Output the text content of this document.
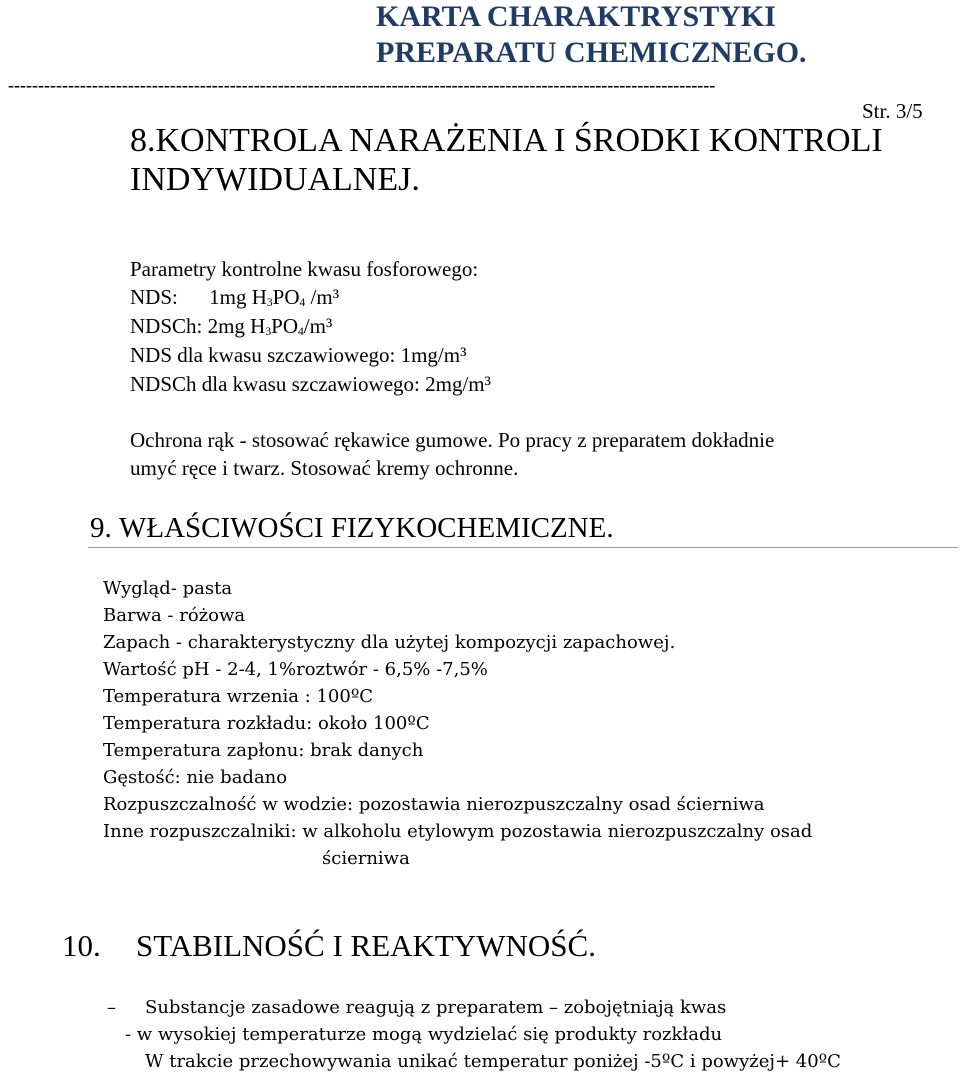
KARTA CHARAKTRYSTYKI
PREPARATU CHEMICZNEGO.
----------------------------------------------------------------------------------------------------------------------
Str. 3/5
8.KONTROLA NARAŻENIA I ŚRODKI KONTROLI
INDYWIDUALNEJ.
Parametry kontrolne kwasu fosforowego:
NDS: 1mg $H_3PO_4$ /m³
NDSCh: 2mg $H_3PO_4/m^3$
NDS dla kwasu szczawiowego: 1mg/m³
NDSCh dla kwasu szczawiowego: 2mg/m³
Ochrona rąk - stosować rękawice gumowe. Po pracy z preparatem dokładnie
umyć ręce i twarz. Stosować kremy ochronne.
9. WŁAŚCIWOŚCI FIZYKOCHEMICZNE.
Wygląd- pasta
Barwa - różowa
Zapach - charakterystyczny dla użytej kompozycji zapachowej.
Wartość pH - 2-4, 1%roztwór - 6,5% -7,5%
Temperatura wrzenia : 100ºC
Temperatura rozkładu: około 100ºC
Temperatura zapłonu: brak danych
Gęstość: nie badano
Rozpuszczalność w wodzie: pozostawia nierozpuszczalny osad ścierniwa
Inne rozpuszczalniki: w alkoholu etylowym pozostawia nierozpuszczalny osad
ścierniwa
10. STABILNOŚĆ I REAKTYWNOŚĆ.
– Substancje zasadowe reagują z preparatem – zobojętniają kwas
- w wysokiej temperaturze mogą wydzielać się produkty rozkładu
W trakcie przechowywania unikać temperatur poniżej -5ºC i powyżej+ 40ºC
